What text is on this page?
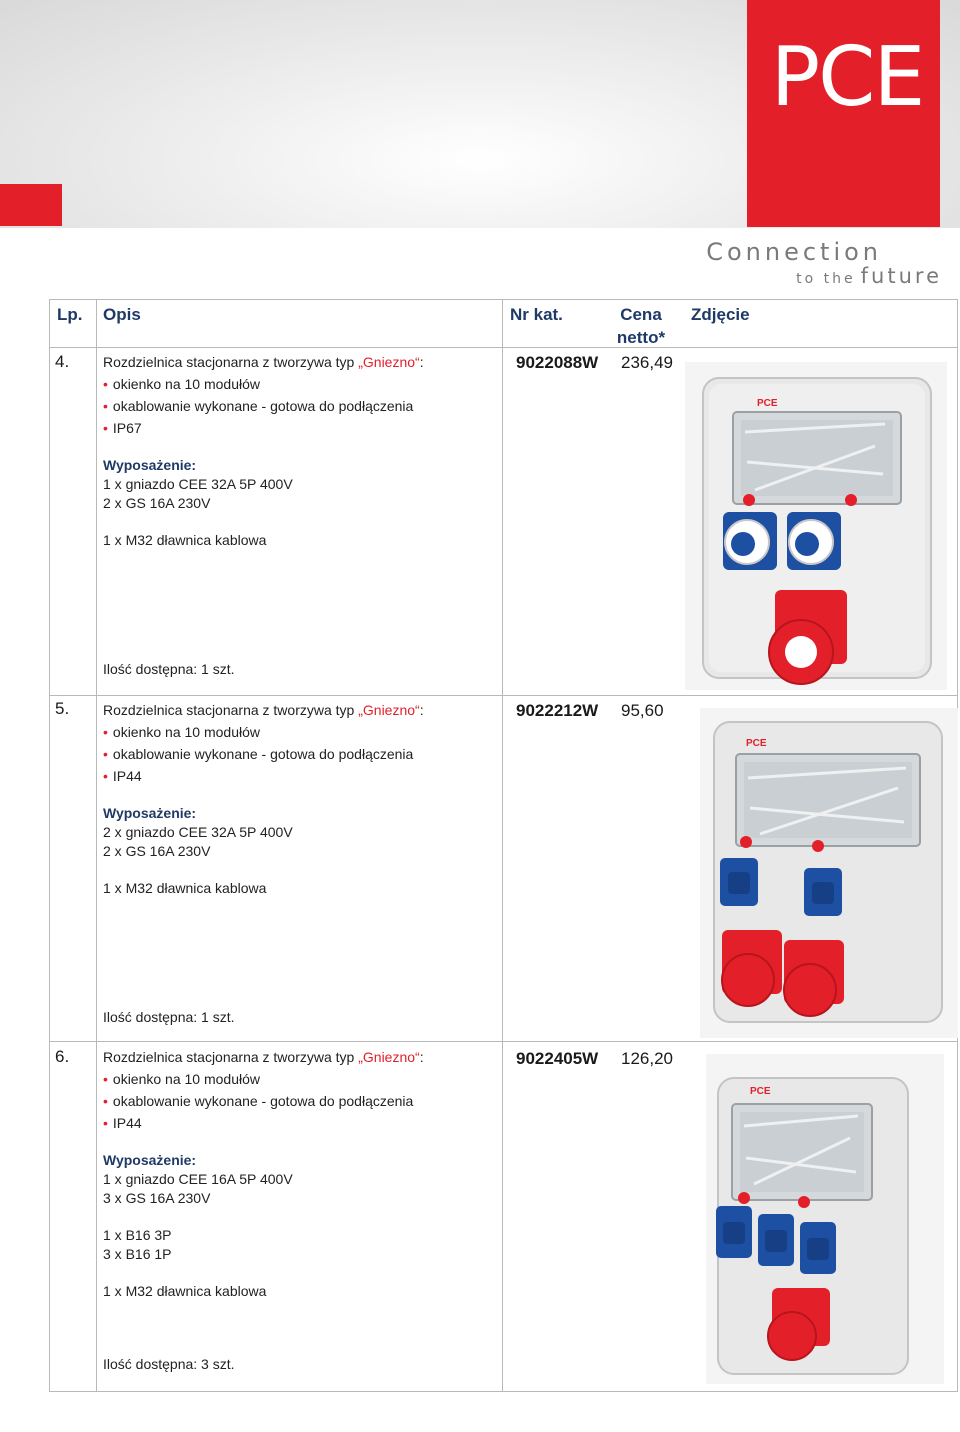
PCE
Connection
to the future
Lp. Opis	Nr kat.	Cena netto*
Zdjęcie
4. Rozdzielnica stacjonarna z tworzywa typ „Gniezno“:
• okienko na 10 modułów
• okablowanie wykonane - gotowa do podłączenia
• IP67
Wyposażenie:
1 x gniazdo CEE 32A 5P 400V
2 x GS 16A 230V
1 x M32 dławnica kablowa
Ilość dostępna: 1 szt.
9022088W 236,49
5. Rozdzielnica stacjonarna z tworzywa typ „Gniezno“:
• okienko na 10 modułów
• okablowanie wykonane - gotowa do podłączenia
• IP44
Wyposażenie:
2 x gniazdo CEE 32A 5P 400V
2 x GS 16A 230V
1 x M32 dławnica kablowa
Ilość dostępna: 1 szt.
9022212W 95,60
6. Rozdzielnica stacjonarna z tworzywa typ „Gniezno“:
• okienko na 10 modułów
• okablowanie wykonane - gotowa do podłączenia
• IP44
Wyposażenie:
1 x gniazdo CEE 16A 5P 400V
3 x GS 16A 230V
1 x B16 3P
3 x B16 1P
1 x M32 dławnica kablowa
Ilość dostępna: 3 szt.
9022405W 126,20
PCE
PCE
PCE
